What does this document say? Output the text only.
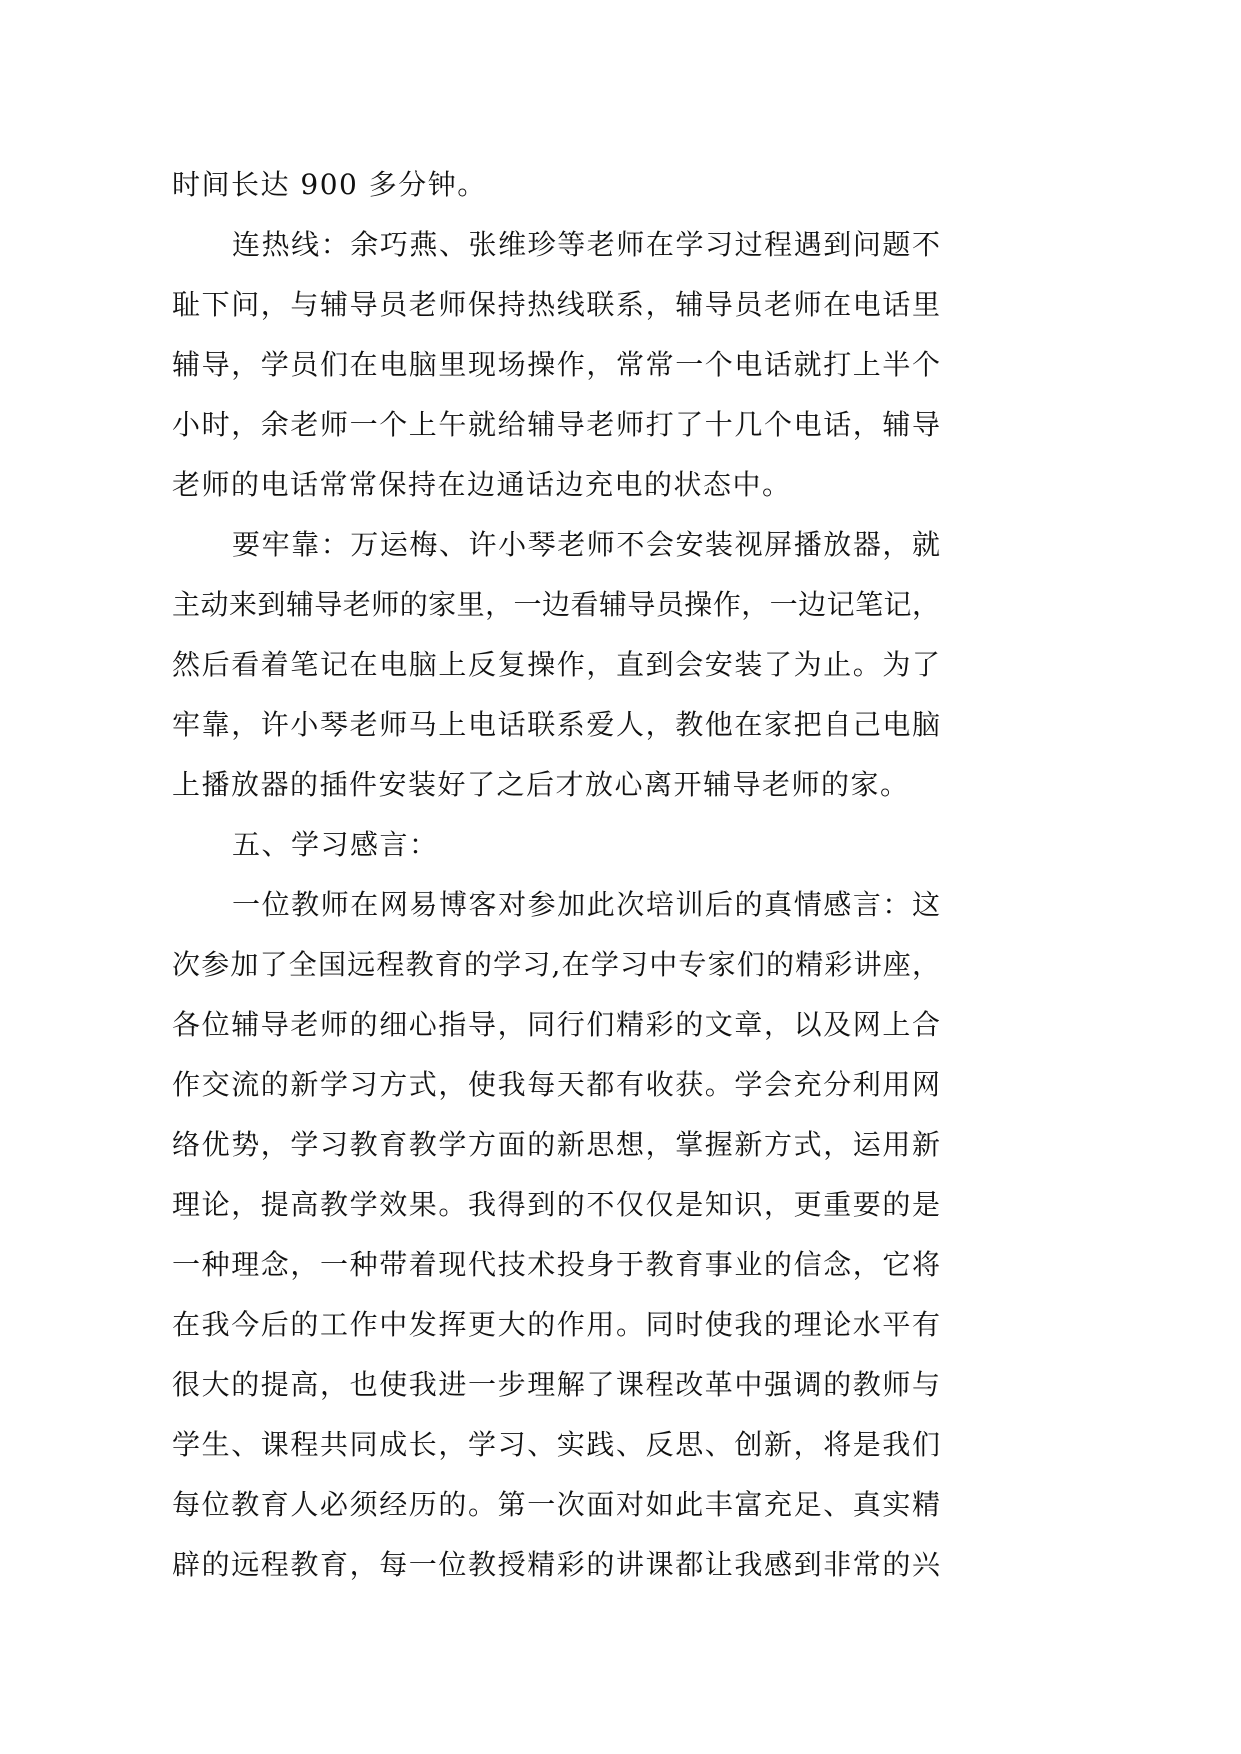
时间长达 900 多分钟。
连热线：余巧燕、张维珍等老师在学习过程遇到问题不
耻下问，与辅导员老师保持热线联系，辅导员老师在电话里
辅导，学员们在电脑里现场操作，常常一个电话就打上半个
小时，余老师一个上午就给辅导老师打了十几个电话，辅导
老师的电话常常保持在边通话边充电的状态中。
要牢靠：万运梅、许小琴老师不会安装视屏播放器，就
主动来到辅导老师的家里，一边看辅导员操作，一边记笔记，
然后看着笔记在电脑上反复操作，直到会安装了为止。为了
牢靠，许小琴老师马上电话联系爱人，教他在家把自己电脑
上播放器的插件安装好了之后才放心离开辅导老师的家。
五、学习感言：
一位教师在网易博客对参加此次培训后的真情感言：这
次参加了全国远程教育的学习,在学习中专家们的精彩讲座，
各位辅导老师的细心指导，同行们精彩的文章，以及网上合
作交流的新学习方式，使我每天都有收获。学会充分利用网
络优势，学习教育教学方面的新思想，掌握新方式，运用新
理论，提高教学效果。我得到的不仅仅是知识，更重要的是
一种理念，一种带着现代技术投身于教育事业的信念，它将
在我今后的工作中发挥更大的作用。同时使我的理论水平有
很大的提高，也使我进一步理解了课程改革中强调的教师与
学生、课程共同成长，学习、实践、反思、创新，将是我们
每位教育人必须经历的。第一次面对如此丰富充足、真实精
辟的远程教育，每一位教授精彩的讲课都让我感到非常的兴
